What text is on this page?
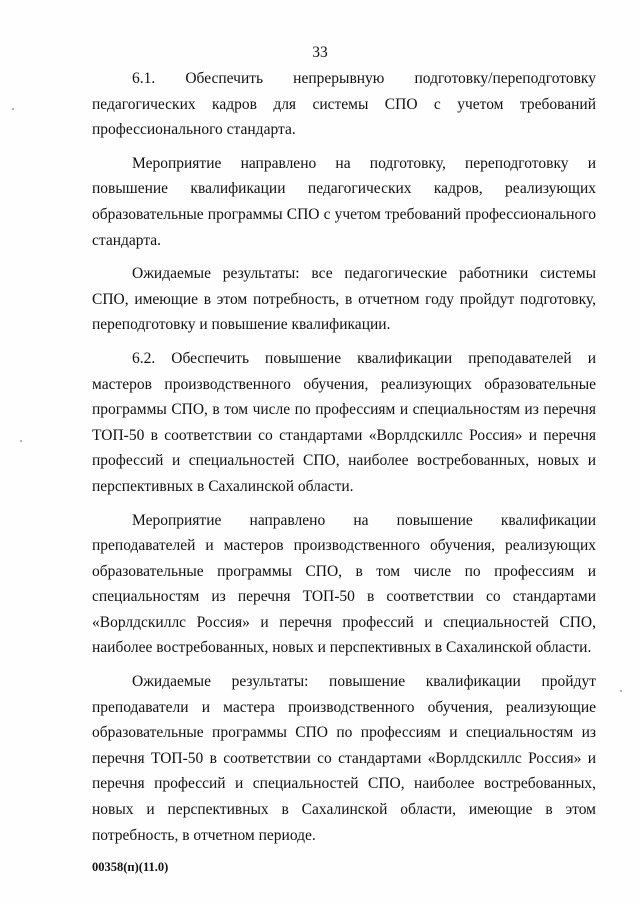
33

6.1. Обеспечить непрерывную подготовку/переподготовку педагогических кадров для системы СПО с учетом требований профессионального стандарта.

Мероприятие направлено на подготовку, переподготовку и повышение квалификации педагогических кадров, реализующих образовательные программы СПО с учетом требований профессионального стандарта.

Ожидаемые результаты: все педагогические работники системы СПО, имеющие в этом потребность, в отчетном году пройдут подготовку, переподготовку и повышение квалификации.

6.2. Обеспечить повышение квалификации преподавателей и мастеров производственного обучения, реализующих образовательные программы СПО, в том числе по профессиям и специальностям из перечня ТОП-50 в соответствии со стандартами «Ворлдскиллс Россия» и перечня профессий и специальностей СПО, наиболее востребованных, новых и перспективных в Сахалинской области.

Мероприятие направлено на повышение квалификации преподавателей и мастеров производственного обучения, реализующих образовательные программы СПО, в том числе по профессиям и специальностям из перечня ТОП-50 в соответствии со стандартами «Ворлдскиллс Россия» и перечня профессий и специальностей СПО, наиболее востребованных, новых и перспективных в Сахалинской области.

Ожидаемые результаты: повышение квалификации пройдут преподаватели и мастера производственного обучения, реализующие образовательные программы СПО по профессиям и специальностям из перечня ТОП-50 в соответствии со стандартами «Ворлдскиллс Россия» и перечня профессий и специальностей СПО, наиболее востребованных, новых и перспективных в Сахалинской области, имеющие в этом потребность, в отчетном периоде.

00358(п)(11.0)
